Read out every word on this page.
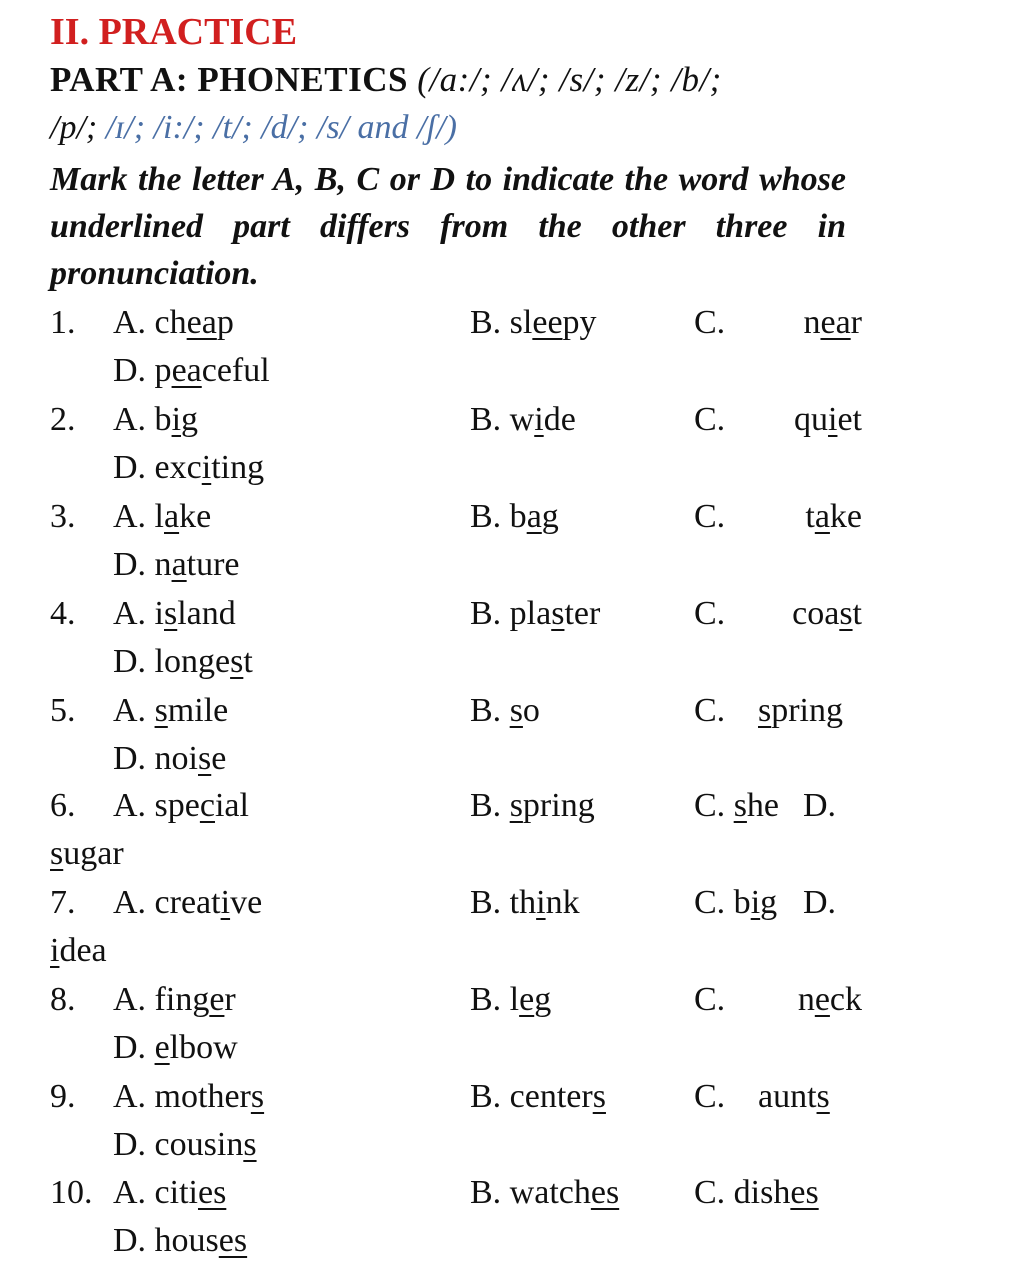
II. PRACTICE
PART A: PHONETICS (/a:/; /ʌ/; /s/; /z/; /b/;
/p/; /ɪ/; /i:/; /t/; /d/; /s/ and /ʃ/)
Mark the letter A, B, C or D to indicate the word whose underlined part differs from the other three in pronunciation.
1. A. cheap	B. sleepy	C. near
D. peaceful
2. A. big	B. wide	C. quiet
D. exciting
3. A. lake	B. bag	C. take
D. nature
4. A. island	B. plaster	C. coast
D. longest
5. A. smile	B. so	C. spring
D. noise
6. A. special	B. spring	C. she D.
sugar
7. A. creative	B. think	C. big D.
idea
8. A. finger	B. leg	C. neck
D. elbow
9. A. mothers	B. centers	C. aunts
D. cousins
10. A. cities	B. watches C. dishes
D. houses
